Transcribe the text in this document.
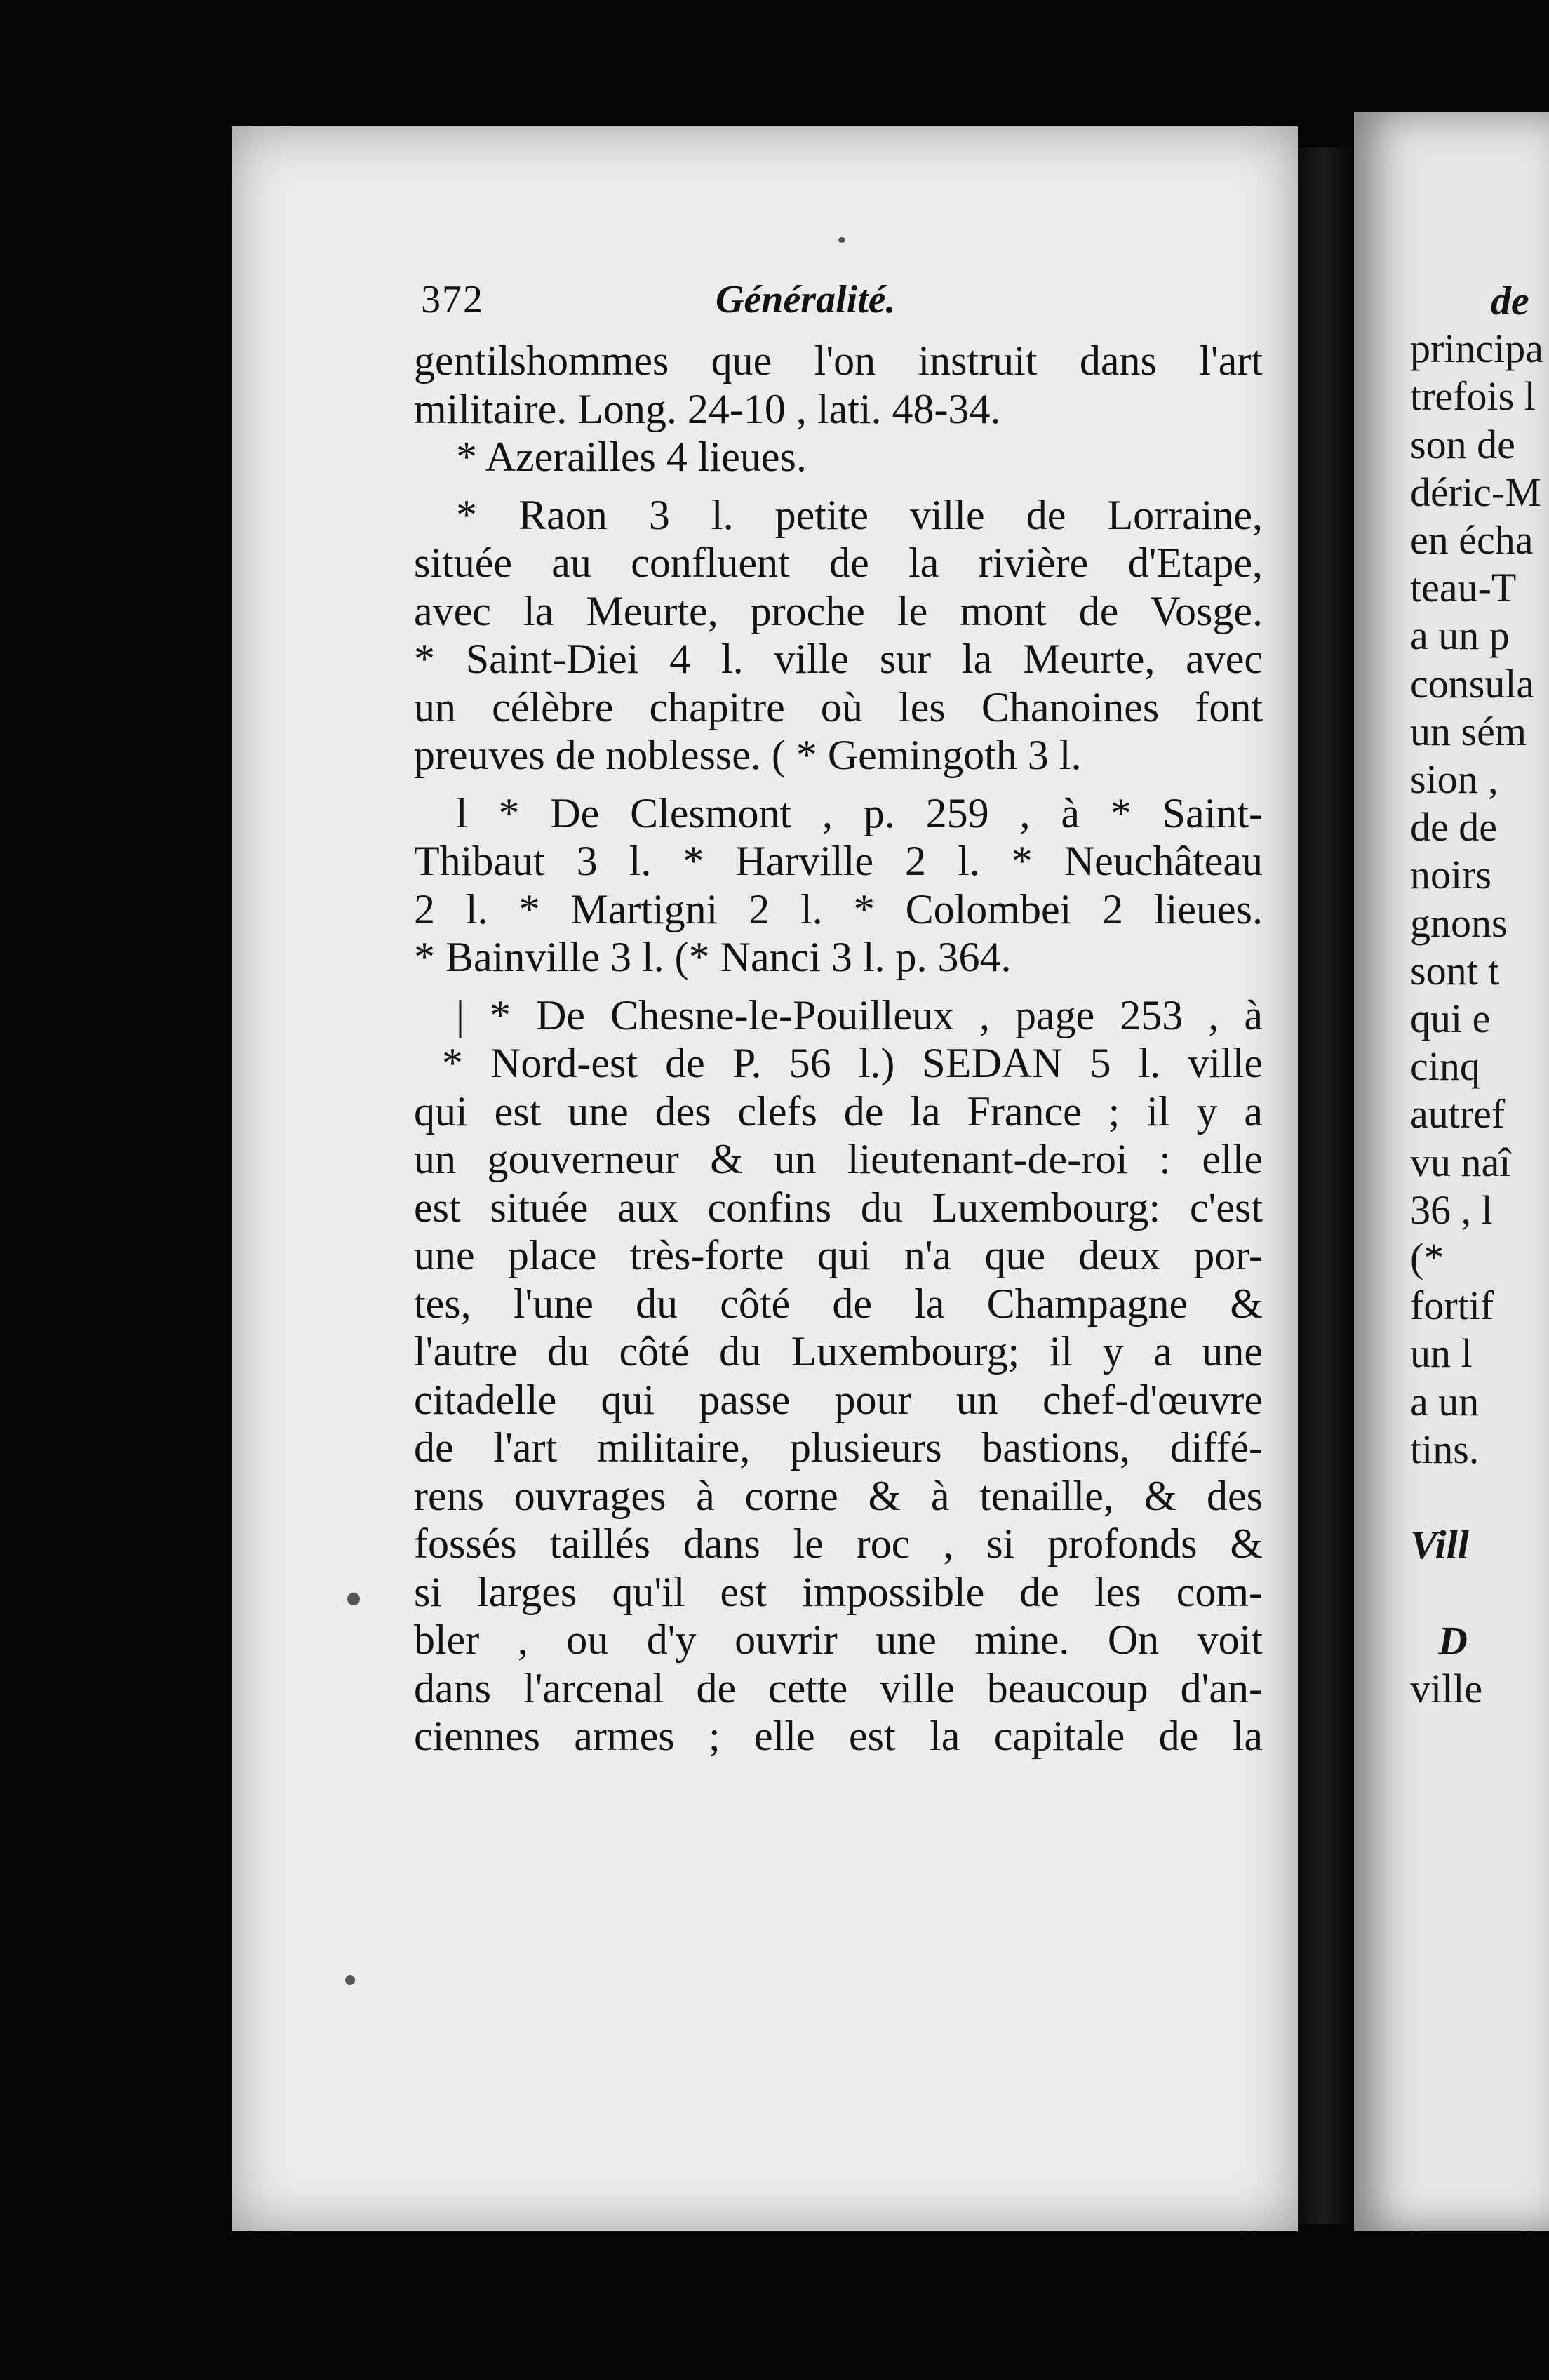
372	Généralité.
gentilshommes que l'on instruit dans l'art
militaire. Long. 24-10 , lati. 48-34.
* Azerailles 4 lieues.
* Raon 3 l. petite ville de Lorraine,
située au confluent de la rivière d'Etape,
avec la Meurte, proche le mont de Vosge.
* Saint-Diei 4 l. ville sur la Meurte, avec
un célèbre chapitre où les Chanoines font
preuves de noblesse. ( * Gemingoth 3 l.
l * De Clesmont , p. 259 , à * Saint-
Thibaut 3 l. * Harville 2 l. * Neuchâteau
2 l. * Martigni 2 l. * Colombei 2 lieues.
* Bainville 3 l. (* Nanci 3 l. p. 364.
| * De Chesne-le-Pouilleux , page 253 , à
* Nord-est de P. 56 l.) SEDAN 5 l. ville
qui est une des clefs de la France ; il y a
un gouverneur & un lieutenant-de-roi : elle
est située aux confins du Luxembourg: c'est
une place très-forte qui n'a que deux por-
tes, l'une du côté de la Champagne &
l'autre du côté du Luxembourg; il y a une
citadelle qui passe pour un chef-d'œuvre
de l'art militaire, plusieurs bastions, diffé-
rens ouvrages à corne & à tenaille, & des
fossés taillés dans le roc , si profonds &
si larges qu'il est impossible de les com-
bler , ou d'y ouvrir une mine. On voit
dans l'arcenal de cette ville beaucoup d'an-
ciennes armes ; elle est la capitale de la
de
principa
trefois l
son de
déric-M
en écha
teau-T
a un p
consula
un sém
sion ,
de de
noirs
gnons
sont t
qui e
cinq
autref
vu naî
36 , l
(*
fortif
un l
a un
tins.

Vill

D
ville
